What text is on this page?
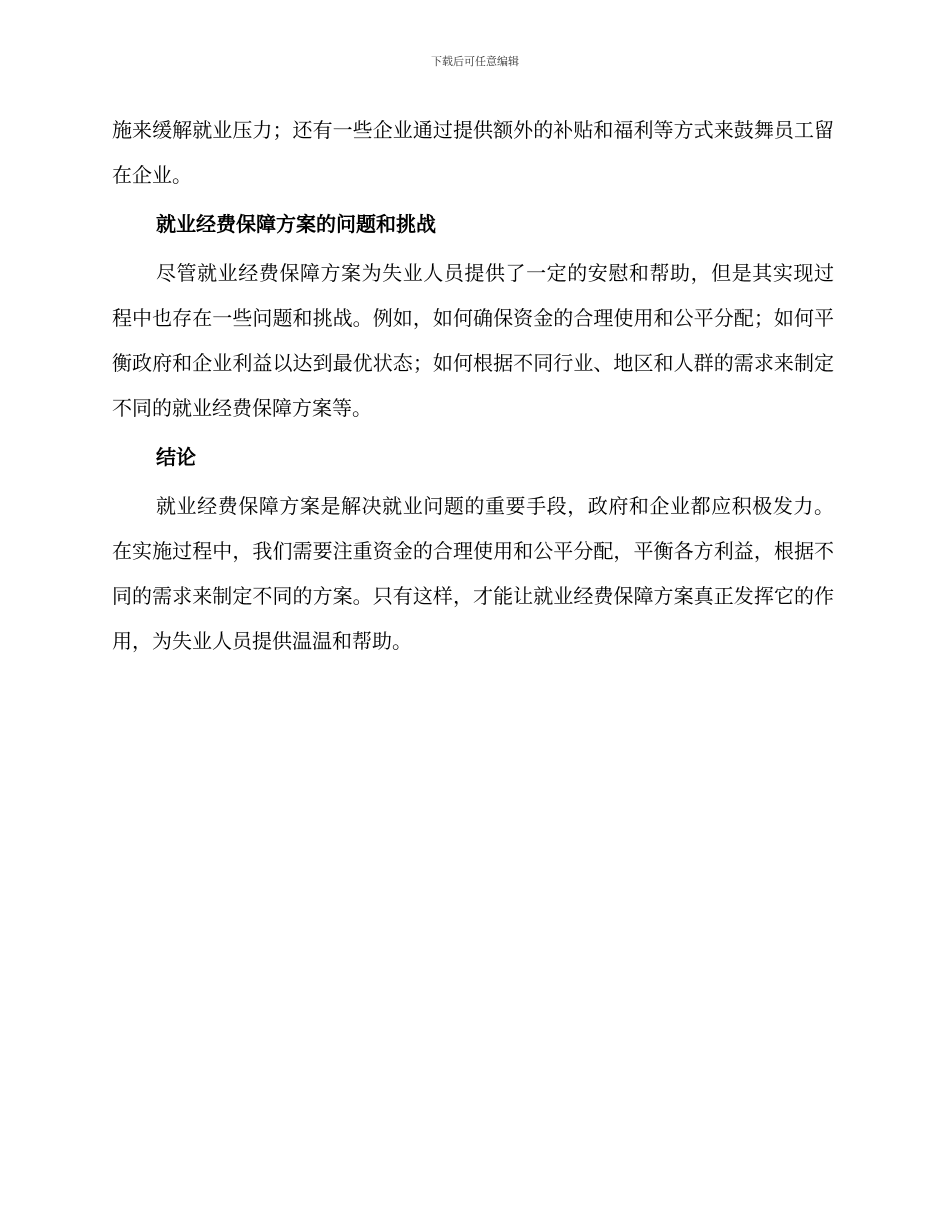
下载后可任意编辑

施来缓解就业压力；还有一些企业通过提供额外的补贴和福利等方式来鼓舞员工留在企业。

就业经费保障方案的问题和挑战

尽管就业经费保障方案为失业人员提供了一定的安慰和帮助，但是其实现过程中也存在一些问题和挑战。例如，如何确保资金的合理使用和公平分配；如何平衡政府和企业利益以达到最优状态；如何根据不同行业、地区和人群的需求来制定不同的就业经费保障方案等。

结论

就业经费保障方案是解决就业问题的重要手段，政府和企业都应积极发力。在实施过程中，我们需要注重资金的合理使用和公平分配，平衡各方利益，根据不同的需求来制定不同的方案。只有这样，才能让就业经费保障方案真正发挥它的作用，为失业人员提供温温和帮助。
